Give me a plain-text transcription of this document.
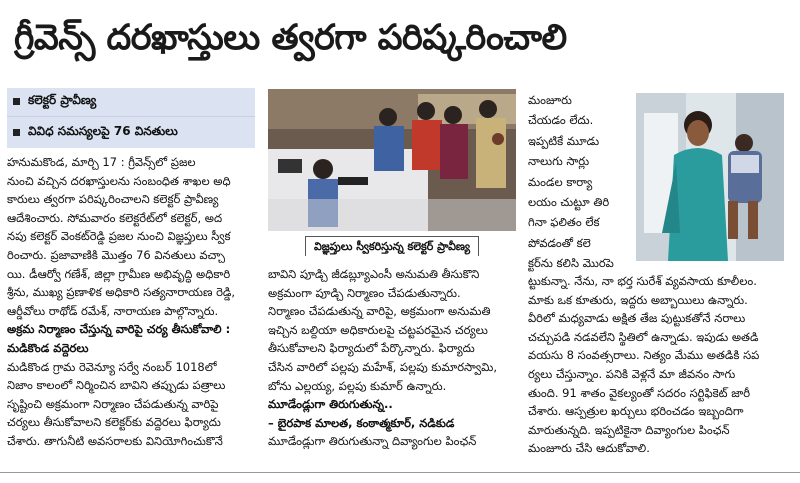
గ్రీవెన్స్ దరఖాస్తులు త్వరగా పరిష్కరించాలి
కలెక్టర్ ప్రావీణ్య
వివిధ సమస్యలపై 76 వినతులు

హనుమకొండ, మార్చి 17 : గ్రీవెన్స్‌లో ప్రజల

నుంచి వచ్చిన దరఖాస్తులను సంబంధిత శాఖల అధి

కారులు త్వరగా పరిష్కరించాలని కలెక్టర్ ప్రావీణ్య

ఆదేశించారు. సోమవారం కలెక్టరేట్‌లో కలెక్టర్, అద

నపు కలెక్టర్ వెంకట్‌రెడ్డి ప్రజల నుంచి విజ్ఞప్తులు స్వీక

రించారు. ప్రజావాణికి మొత్తం 76 వినతులు వచ్చా

యి. డీఆర్వో గణేశ్, జిల్లా గ్రామీణ అభివృద్ధి అధికారి

శ్రీను, ముఖ్య ప్రణాళిక అధికారి సత్యనారాయణ రెడ్డి,

ఆర్డీవోలు రాథోడ్ రమేశ్, నారాయణ పాల్గొన్నారు.

అక్రమ నిర్మాణం చేస్తున్న వారిపై చర్య తీసుకోవాలి :

మడికొండ వద్దెరలు

మడికొండ గ్రామ రెవెన్యూ సర్వే నంబర్ 1018లో

నిజాం కాలంలో నిర్మించిన బావిని తప్పుడు పత్రాలు

సృష్టించి అక్రమంగా నిర్మాణం చేపడుతున్న వారిపై

చర్యలు తీసుకోవాలని కలెక్టర్‌కు వద్దెరలు ఫిర్యాదు

చేశారు. తాగునీటి అవసరాలకు వినియోగించుకొనే

విజ్ఞప్తులు స్వీకరిస్తున్న కలెక్టర్ ప్రావీణ్య

బావిని పూడ్చి జీడబ్ల్యూఎంసీ అనుమతి తీసుకొని

అక్రమంగా పూడ్చి నిర్మాణం చేపడుతున్నారు.

నిర్మాణం చేపడుతున్న వారిపై, అక్రమంగా అనుమతి

ఇచ్చిన బల్దియా అధికారులపై చట్టపరమైన చర్యలు

తీసుకోవాలని ఫిర్యాదులో పేర్కొన్నారు. ఫిర్యాదు

చేసిన వారిలో పల్లపు మహేశ్, పల్లపు కుమారస్వామి,

బోను ఎల్లయ్య, పల్లపు కుమార్ ఉన్నారు.

మూడేండ్లుగా తిరుగుతున్న..

– బైరపాక మాలత, కంఠాత్మకూర్, నడికుడ

మూడేండ్లుగా తిరుగుతున్నా దివ్యాంగుల పింఛన్

మంజూరు

చేయడం లేదు.

ఇప్పటికే మూడు

నాలుగు సార్లు

మండల కార్యా

లయం చుట్టూ తిరి

గినా ఫలితం లేక

పోవడంతో కలె

క్టర్‌ను కలిసి మొరపె

ట్టుకున్నా. నేను, నా భర్త సురేశ్ వ్యవసాయ కూలీలం.

మాకు ఒక కూతురు, ఇద్దరు అబ్బాయిలు ఉన్నారు.

వీరిలో మధ్యవాడు అక్షిత తేజ పుట్టుకతోనే నరాలు

చచ్చుపడి నడవలేని స్థితిలో ఉన్నాడు. ఇపుడు అతడి

వయసు 8 సంవత్సరాలు. నిత్యం మేము అతడికి సప

ర్యలు చేస్తున్నాం. పనికి వెళ్లనే మా జీవనం సాగు

తుంది. 91 శాతం వైకల్యంతో సదరం సర్టిఫికెట్ జారీ

చేశారు. ఆస్పత్రుల ఖర్చులు భరించడం ఇబ్బందిగా

మారుతున్నది. ఇప్పటికైనా దివ్యాంగుల పింఛన్

మంజూరు చేసి ఆదుకోవాలి.
